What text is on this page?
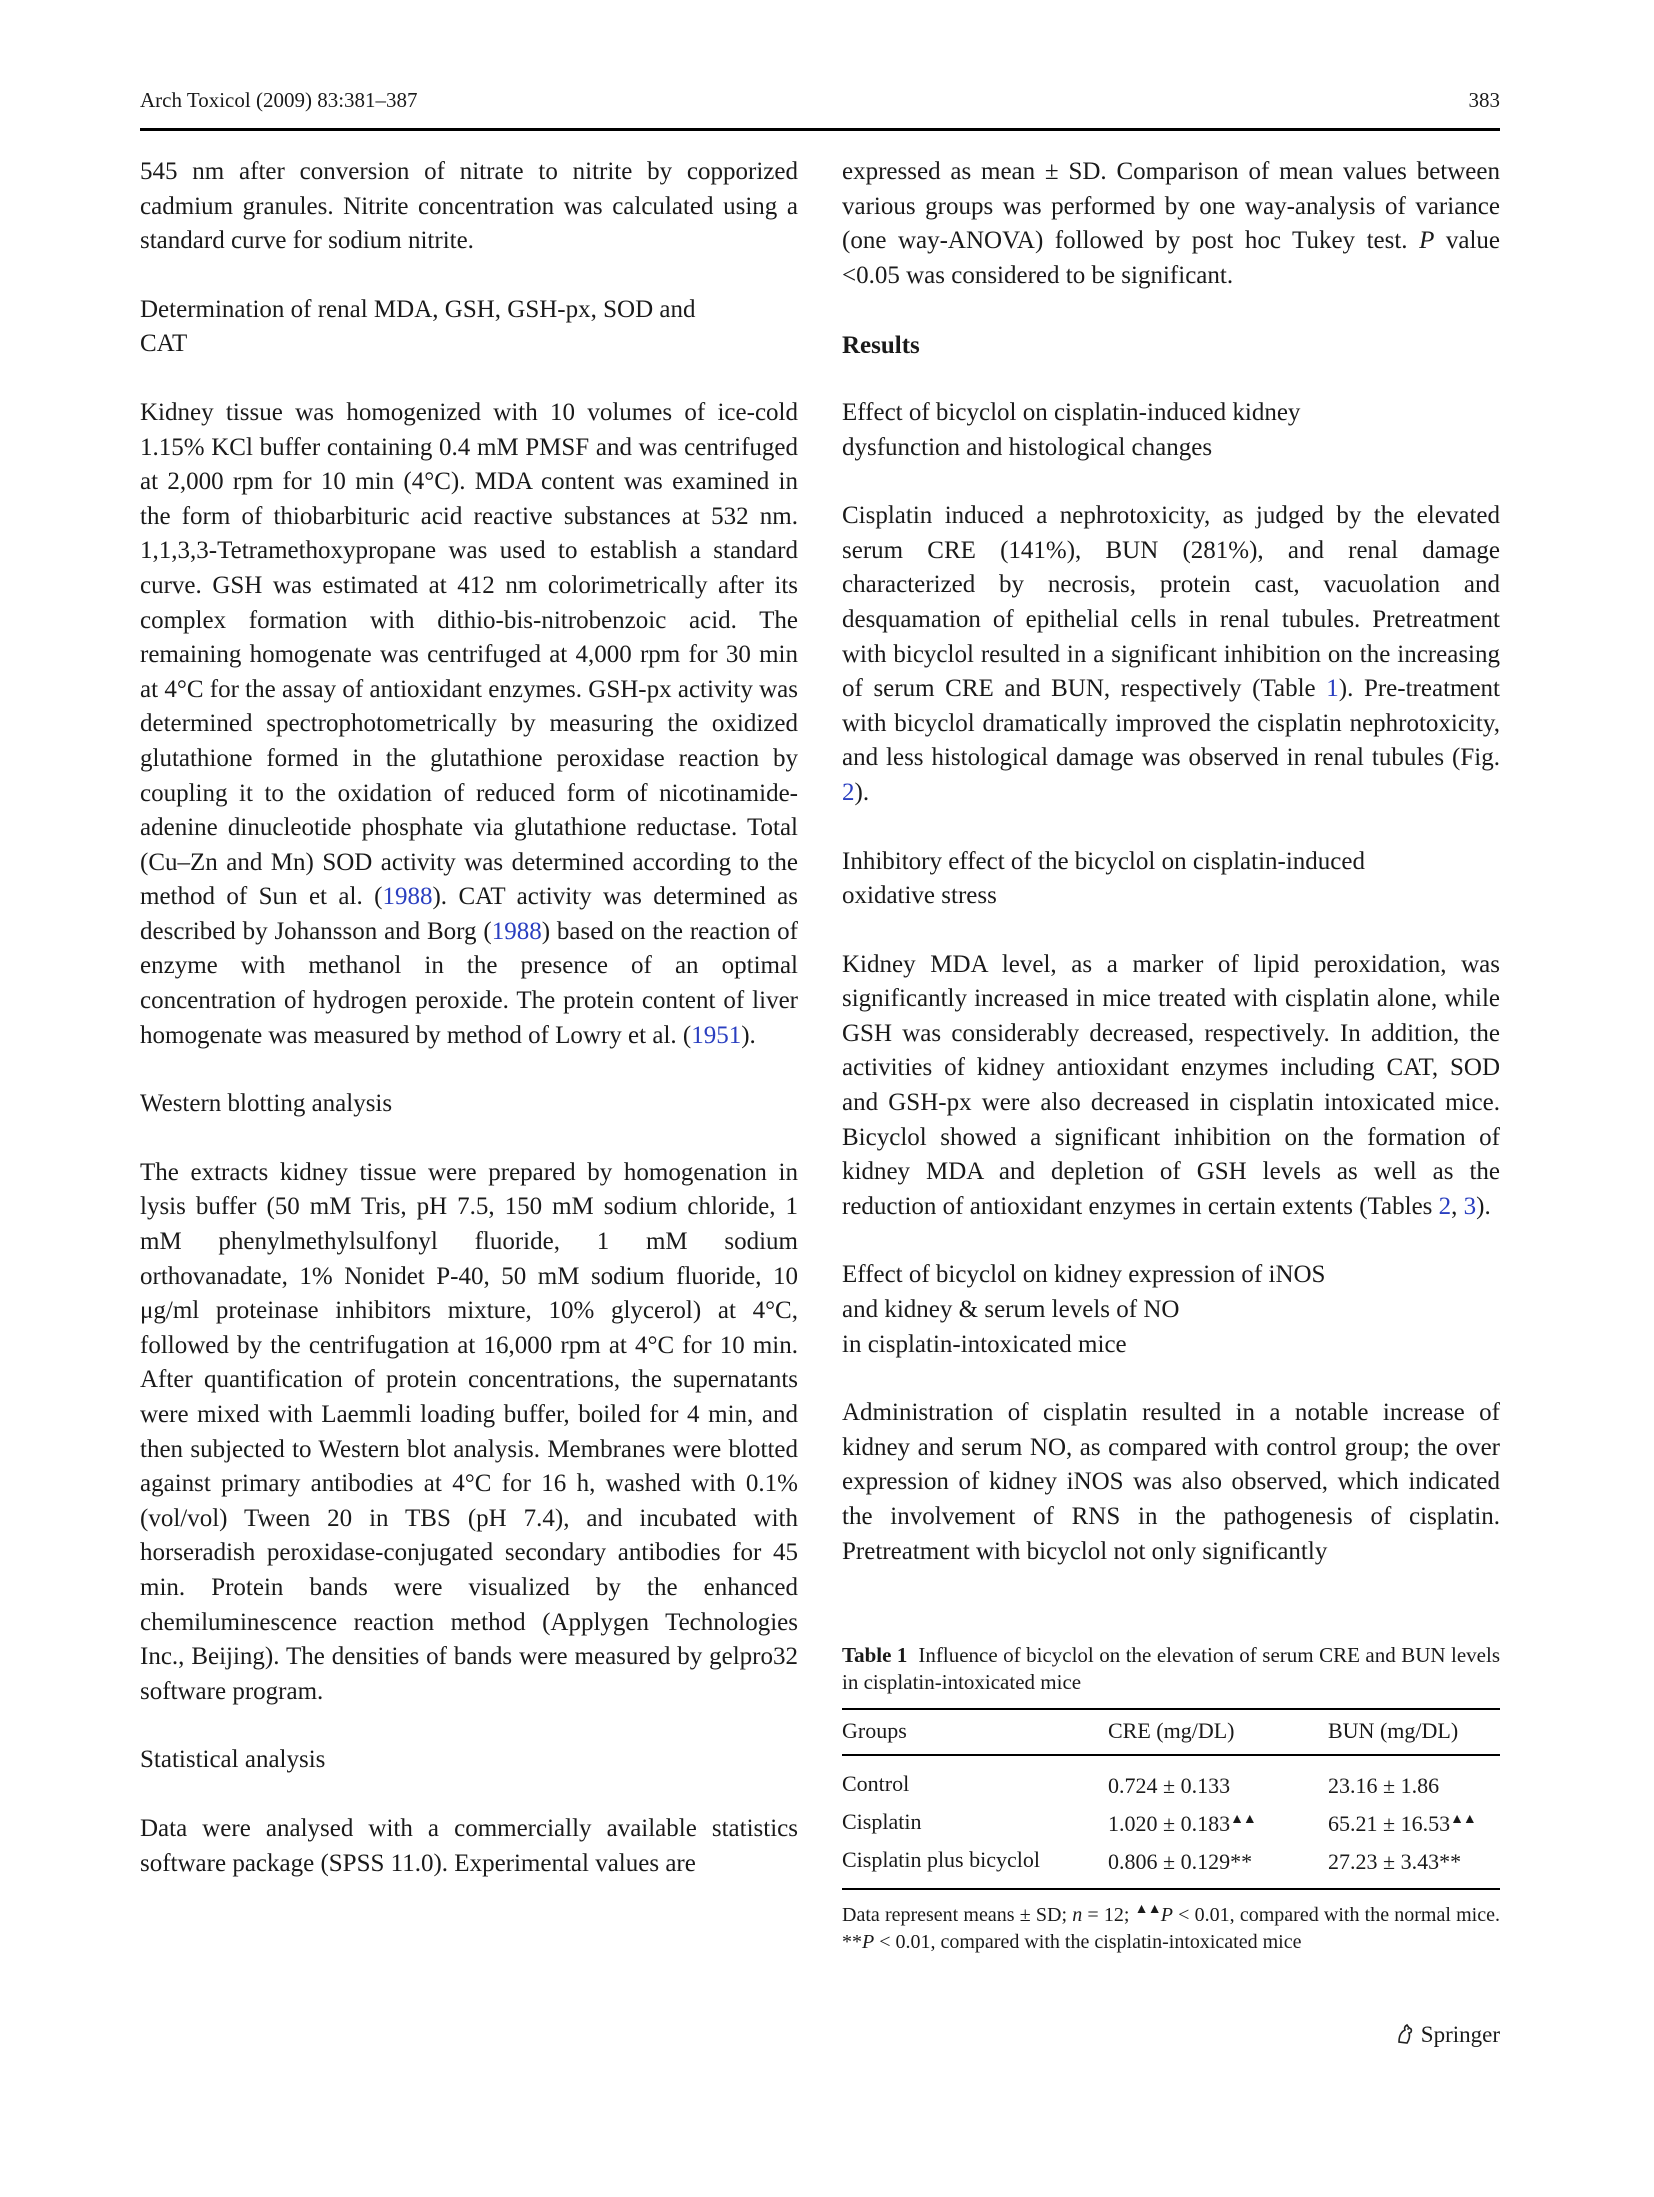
Arch Toxicol (2009) 83:381–387	383

545 nm after conversion of nitrate to nitrite by copporized cadmium granules. Nitrite concentration was calculated using a standard curve for sodium nitrite.

Determination of renal MDA, GSH, GSH-px, SOD and CAT

Kidney tissue was homogenized with 10 volumes of ice-cold 1.15% KCl buffer containing 0.4 mM PMSF and was centrifuged at 2,000 rpm for 10 min (4°C). MDA content was examined in the form of thiobarbituric acid reactive substances at 532 nm. 1,1,3,3-Tetramethoxypropane was used to establish a standard curve. GSH was estimated at 412 nm colorimetrically after its complex formation with dithio-bis-nitrobenzoic acid. The remaining homogenate was centrifuged at 4,000 rpm for 30 min at 4°C for the assay of antioxidant enzymes. GSH-px activity was determined spectrophotometrically by measuring the oxidized glutathione formed in the glutathione peroxidase reaction by coupling it to the oxidation of reduced form of nicotinamide-adenine dinucleotide phosphate via glutathione reductase. Total (Cu–Zn and Mn) SOD activity was determined according to the method of Sun et al. (1988). CAT activity was determined as described by Johansson and Borg (1988) based on the reaction of enzyme with methanol in the presence of an optimal concentration of hydrogen peroxide. The protein content of liver homogenate was measured by method of Lowry et al. (1951).

Western blotting analysis

The extracts kidney tissue were prepared by homogenation in lysis buffer (50 mM Tris, pH 7.5, 150 mM sodium chloride, 1 mM phenylmethylsulfonyl fluoride, 1 mM sodium orthovanadate, 1% Nonidet P-40, 50 mM sodium fluoride, 10 μg/ml proteinase inhibitors mixture, 10% glycerol) at 4°C, followed by the centrifugation at 16,000 rpm at 4°C for 10 min. After quantification of protein concentrations, the supernatants were mixed with Laemmli loading buffer, boiled for 4 min, and then subjected to Western blot analysis. Membranes were blotted against primary antibodies at 4°C for 16 h, washed with 0.1% (vol/vol) Tween 20 in TBS (pH 7.4), and incubated with horseradish peroxidase-conjugated secondary antibodies for 45 min. Protein bands were visualized by the enhanced chemiluminescence reaction method (Applygen Technologies Inc., Beijing). The densities of bands were measured by gelpro32 software program.

Statistical analysis

Data were analysed with a commercially available statistics software package (SPSS 11.0). Experimental values are

expressed as mean ± SD. Comparison of mean values between various groups was performed by one way-analysis of variance (one way-ANOVA) followed by post hoc Tukey test. P value <0.05 was considered to be significant.

Results

Effect of bicyclol on cisplatin-induced kidney dysfunction and histological changes

Cisplatin induced a nephrotoxicity, as judged by the elevated serum CRE (141%), BUN (281%), and renal damage characterized by necrosis, protein cast, vacuolation and desquamation of epithelial cells in renal tubules. Pretreatment with bicyclol resulted in a significant inhibition on the increasing of serum CRE and BUN, respectively (Table 1). Pre-treatment with bicyclol dramatically improved the cisplatin nephrotoxicity, and less histological damage was observed in renal tubules (Fig. 2).

Inhibitory effect of the bicyclol on cisplatin-induced oxidative stress

Kidney MDA level, as a marker of lipid peroxidation, was significantly increased in mice treated with cisplatin alone, while GSH was considerably decreased, respectively. In addition, the activities of kidney antioxidant enzymes including CAT, SOD and GSH-px were also decreased in cisplatin intoxicated mice. Bicyclol showed a significant inhibition on the formation of kidney MDA and depletion of GSH levels as well as the reduction of antioxidant enzymes in certain extents (Tables 2, 3).

Effect of bicyclol on kidney expression of iNOS

and kidney & serum levels of NO

in cisplatin-intoxicated mice

Administration of cisplatin resulted in a notable increase of kidney and serum NO, as compared with control group; the over expression of kidney iNOS was also observed, which indicated the involvement of RNS in the pathogenesis of cisplatin. Pretreatment with bicyclol not only significantly

Table 1 Influence of bicyclol on the elevation of serum CRE and BUN levels in cisplatin-intoxicated mice

Groups	CRE (mg/DL)	BUN (mg/DL)
Control	0.724 ± 0.133	23.16 ± 1.86
Cisplatin	1.020 ± 0.183▲▲	65.21 ± 16.53▲▲
Cisplatin plus bicyclol	0.806 ± 0.129**	27.23 ± 3.43**

Data represent means ± SD; n = 12; ▲▲P < 0.01, compared with the normal mice. **P < 0.01, compared with the cisplatin-intoxicated mice

Springer
